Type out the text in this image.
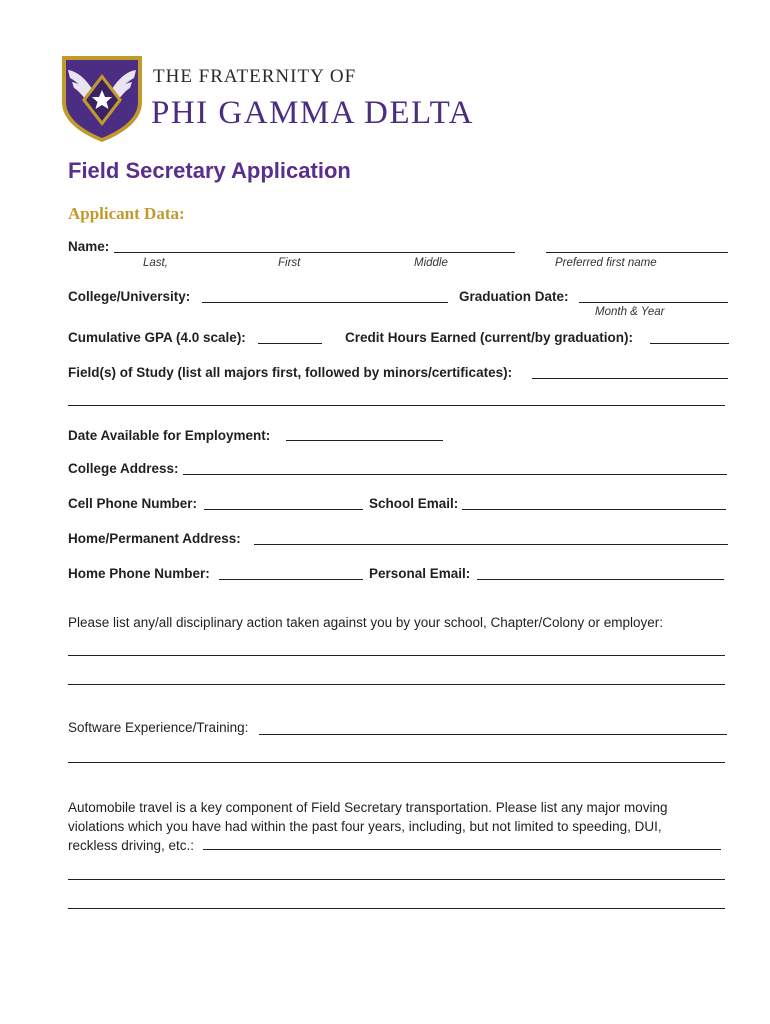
THE FRATERNITY OF
PHI GAMMA DELTA
Field Secretary Application
Applicant Data:
Name:
Last,	First	Middle	Preferred first name
College/University:	Graduation Date:
Month & Year
Cumulative GPA (4.0 scale):	Credit Hours Earned (current/by graduation):
Field(s) of Study (list all majors first, followed by minors/certificates):
Date Available for Employment:
College Address:
Cell Phone Number:	School Email:
Home/Permanent Address:
Home Phone Number:	Personal Email:
Please list any/all disciplinary action taken against you by your school, Chapter/Colony or employer:
Software Experience/Training:
Automobile travel is a key component of Field Secretary transportation. Please list any major moving
violations which you have had within the past four years, including, but not limited to speeding, DUI,
reckless driving, etc.:
